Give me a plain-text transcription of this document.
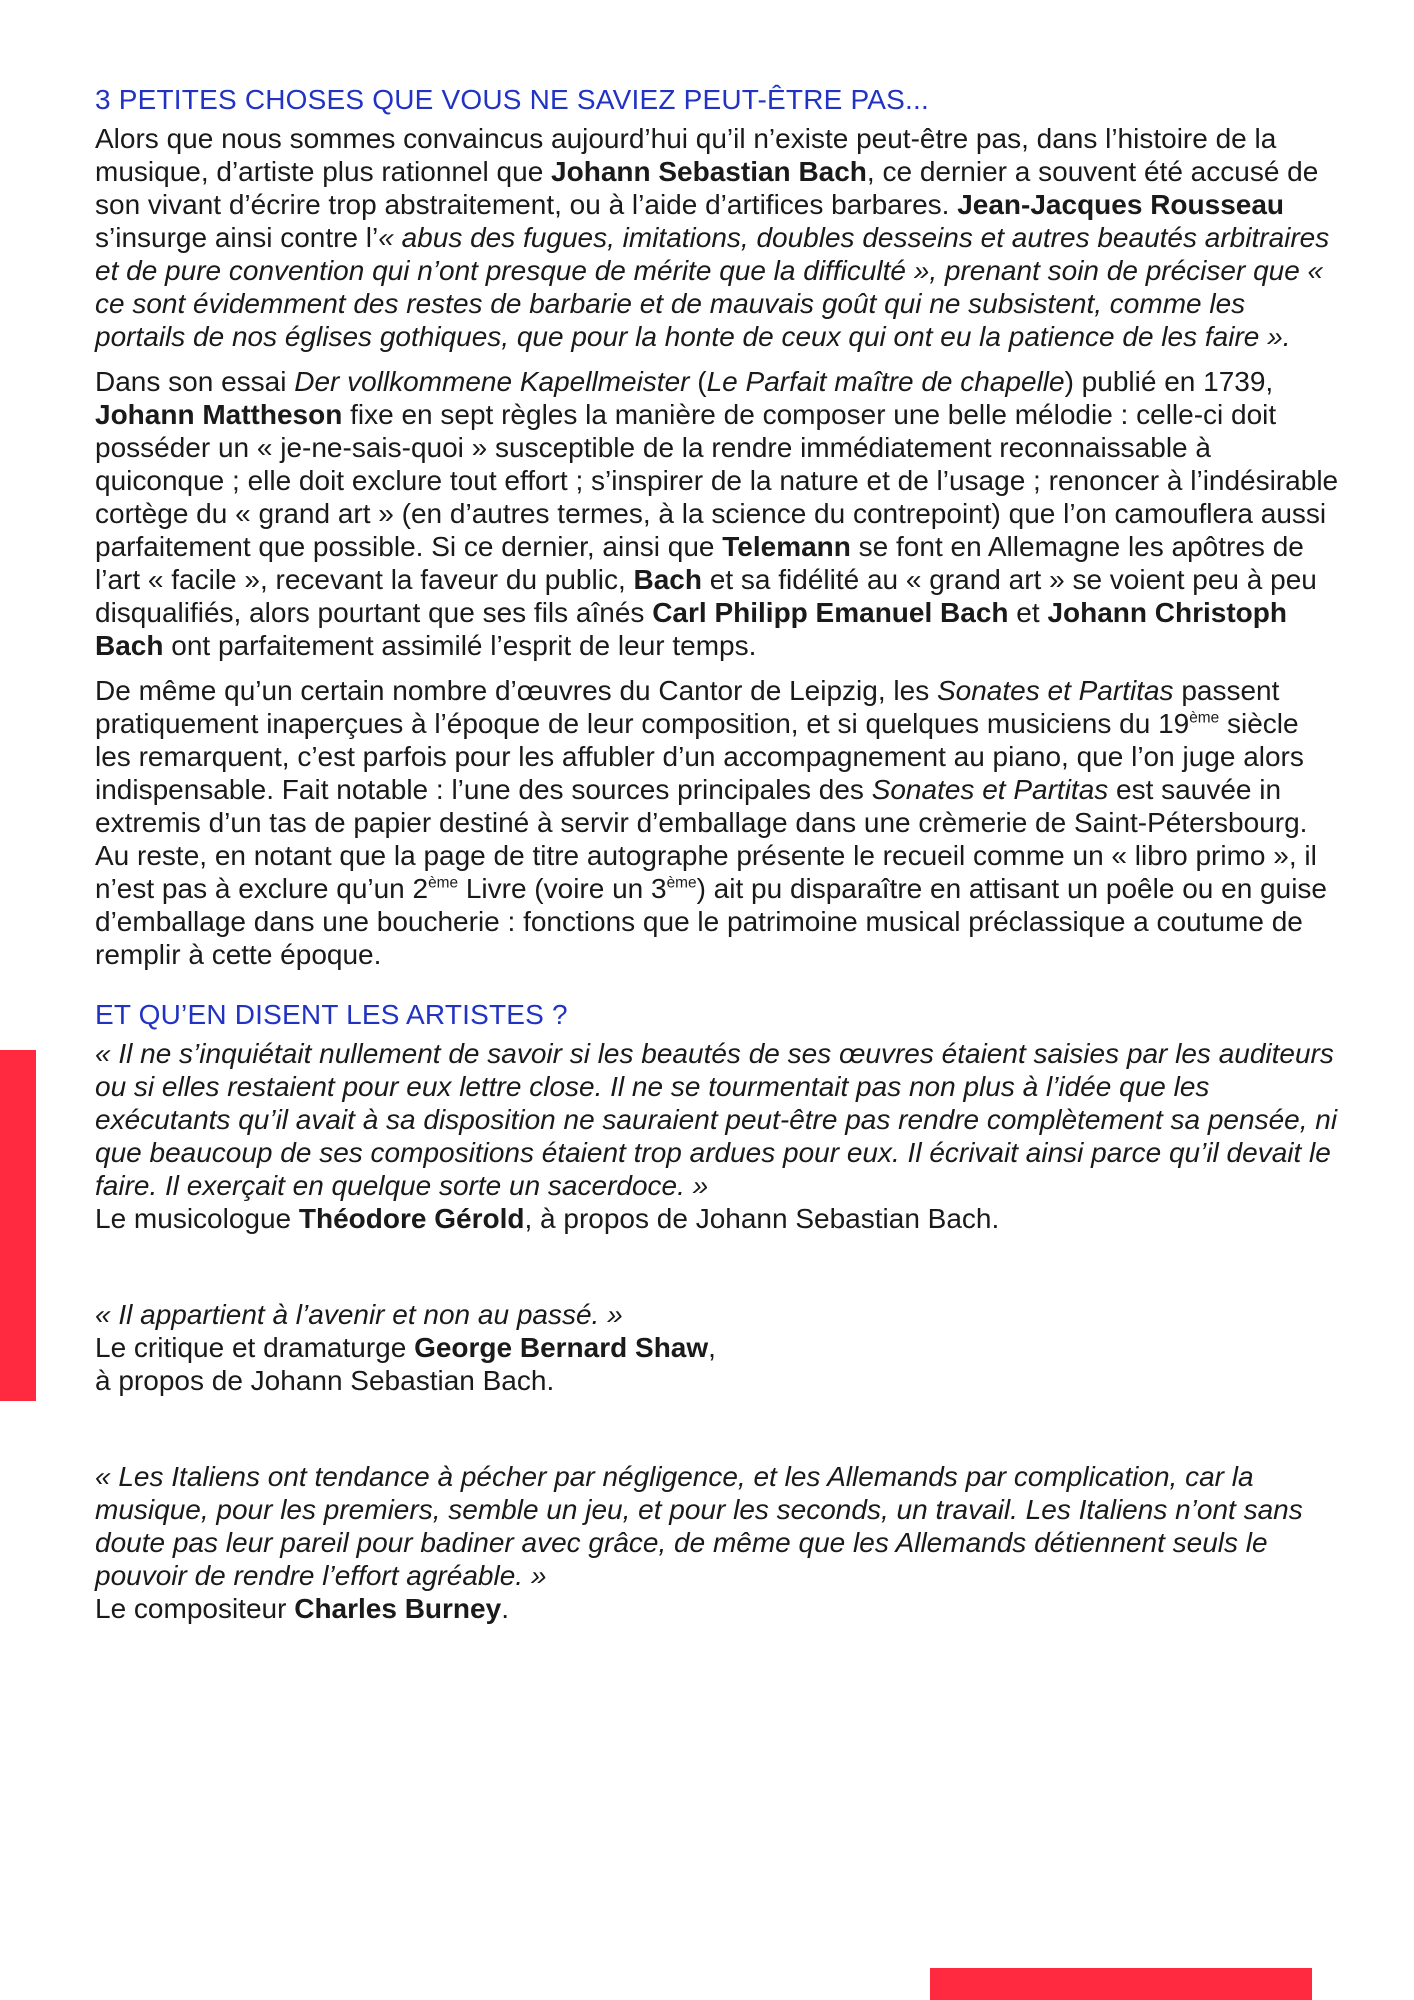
3 PETITES CHOSES QUE VOUS NE SAVIEZ PEUT-ÊTRE PAS...

Alors que nous sommes convaincus aujourd’hui qu’il n’existe peut-être pas, dans l’histoire de la musique, d’artiste plus rationnel que Johann Sebastian Bach, ce dernier a souvent été accusé de son vivant d’écrire trop abstraitement, ou à l’aide d’artifices barbares. Jean-Jacques Rousseau s’insurge ainsi contre l’« abus des fugues, imitations, doubles desseins et autres beautés arbitraires et de pure convention qui n’ont presque de mérite que la difficulté », prenant soin de préciser que « ce sont évidemment des restes de barbarie et de mauvais goût qui ne subsistent, comme les portails de nos églises gothiques, que pour la honte de ceux qui ont eu la patience de les faire ».

Dans son essai Der vollkommene Kapellmeister (Le Parfait maître de chapelle) publié en 1739, Johann Mattheson fixe en sept règles la manière de composer une belle mélodie : celle-ci doit posséder un « je-ne-sais-quoi » susceptible de la rendre immédiatement reconnaissable à quiconque ; elle doit exclure tout effort ; s’inspirer de la nature et de l’usage ; renoncer à l’indésirable cortège du « grand art » (en d’autres termes, à la science du contrepoint) que l’on camouflera aussi parfaitement que possible. Si ce dernier, ainsi que Telemann se font en Allemagne les apôtres de l’art « facile », recevant la faveur du public, Bach et sa fidélité au « grand art » se voient peu à peu disqualifiés, alors pourtant que ses fils aînés Carl Philipp Emanuel Bach et Johann Christoph Bach ont parfaitement assimilé l’esprit de leur temps.

De même qu’un certain nombre d’œuvres du Cantor de Leipzig, les Sonates et Partitas passent pratiquement inaperçues à l’époque de leur composition, et si quelques musiciens du 19ème siècle les remarquent, c’est parfois pour les affubler d’un accompagnement au piano, que l’on juge alors indispensable. Fait notable : l’une des sources principales des Sonates et Partitas est sauvée in extremis d’un tas de papier destiné à servir d’emballage dans une crèmerie de Saint-Pétersbourg. Au reste, en notant que la page de titre autographe présente le recueil comme un « libro primo », il n’est pas à exclure qu’un 2ème Livre (voire un 3ème) ait pu disparaître en attisant un poêle ou en guise d’emballage dans une boucherie : fonctions que le patrimoine musical préclassique a coutume de remplir à cette époque.

ET QU’EN DISENT LES ARTISTES ?

« Il ne s’inquiétait nullement de savoir si les beautés de ses œuvres étaient saisies par les auditeurs ou si elles restaient pour eux lettre close. Il ne se tourmentait pas non plus à l’idée que les exécutants qu’il avait à sa disposition ne sauraient peut-être pas rendre complètement sa pensée, ni que beaucoup de ses compositions étaient trop ardues pour eux. Il écrivait ainsi parce qu’il devait le faire. Il exerçait en quelque sorte un sacerdoce. »

Le musicologue Théodore Gérold, à propos de Johann Sebastian Bach.

« Il appartient à l’avenir et non au passé. »

Le critique et dramaturge George Bernard Shaw,
à propos de Johann Sebastian Bach.

« Les Italiens ont tendance à pécher par négligence, et les Allemands par complication, car la musique, pour les premiers, semble un jeu, et pour les seconds, un travail. Les Italiens n’ont sans doute pas leur pareil pour badiner avec grâce, de même que les Allemands détiennent seuls le pouvoir de rendre l’effort agréable. »

Le compositeur Charles Burney.
